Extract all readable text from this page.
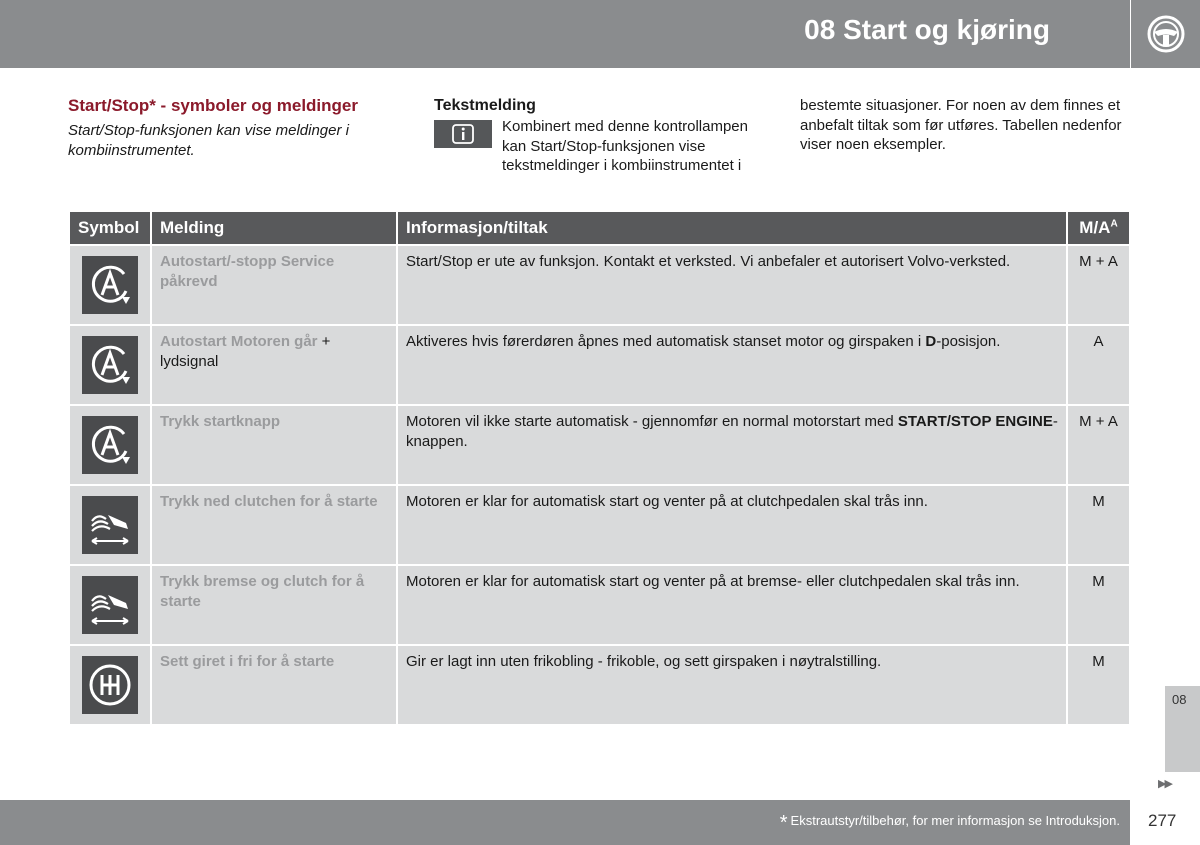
08 Start og kjøring
Start/Stop* - symboler og meldinger
Start/Stop-funksjonen kan vise meldinger i kombiinstrumentet.
Tekstmelding
Kombinert med denne kontrollampen kan Start/Stop-funksjonen vise tekstmeldinger i kombiinstrumentet i
bestemte situasjoner. For noen av dem finnes et anbefalt tiltak som før utføres. Tabellen nedenfor viser noen eksempler.
Symbol	Melding	Informasjon/tiltak	$M/A^A$

	Autostart/-stopp Service påkrevd	Start/Stop er ute av funksjon. Kontakt et verksted. Vi anbefaler et autorisert Volvo-verksted.	M + A

	Autostart Motoren går + lydsignal	Aktiveres hvis førerdøren åpnes med automatisk stanset motor og girspaken i D-posisjon.	A

	Trykk startknapp	Motoren vil ikke starte automatisk - gjennomfør en normal motorstart med START/STOP ENGINE-knappen.	M + A

	Trykk ned clutchen for å starte	Motoren er klar for automatisk start og venter på at clutchpedalen skal trås inn.	M

	Trykk bremse og clutch for å starte	Motoren er klar for automatisk start og venter på at bremse- eller clutchpedalen skal trås inn.	M

	Sett giret i fri for å starte	Gir er lagt inn uten frikobling - frikoble, og sett girspaken i nøytralstilling.	M
08
▶▶
* Ekstrautstyr/tilbehør, for mer informasjon se Introduksjon. 277
